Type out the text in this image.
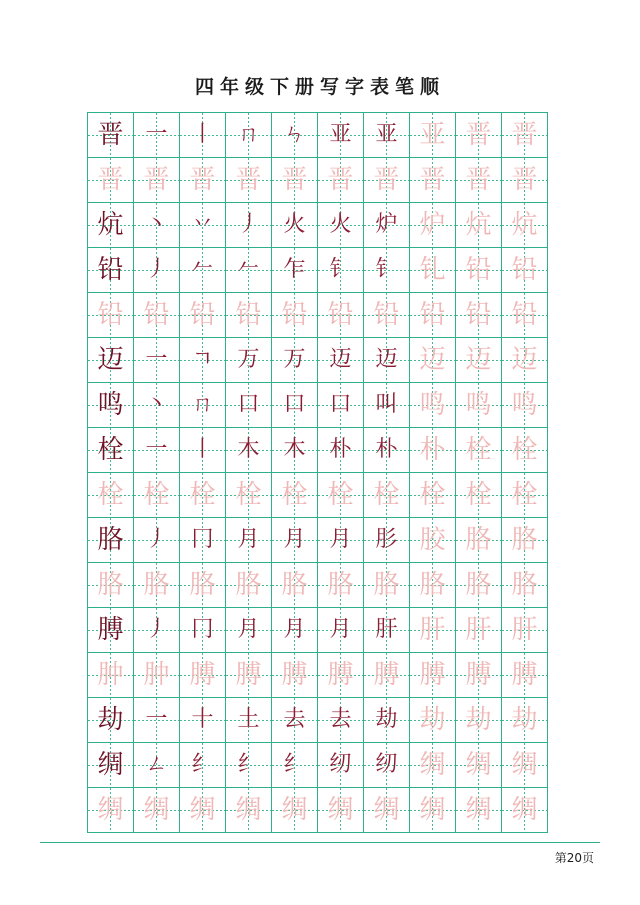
四年级下册写字表笔顺
晋 一	丨	ㄇ	ㄣ	亚	亚 亚 晋 晋
晋 晋 晋 晋 晋 晋 晋 晋 晋 晋
炕 丶	丷	丿	火	火	炉 炉 炕 炕
铅 丿	𠂉	𠂉	乍	钅	钅 钆 铅 铅
铅 铅 铅 铅 铅 铅 铅 铅 铅 铅
迈 一	ㄱ	万	万	迈	迈 迈 迈 迈
鸣 丶	ㄇ	口	口	口	叫 鸣 鸣 鸣
栓 一	丨	木	木	朴	朴 朴 栓 栓
栓 栓 栓 栓 栓 栓 栓 栓 栓 栓
胳 丿	冂	月	月	月	肜 胶 胳 胳
胳 胳 胳 胳 胳 胳 胳 胳 胳 胳
膊 丿	冂	月	月	月	肝 肝 肝 肝
肿 肿 膊 膊 膊 膊 膊 膊 膊 膊
劫 一	十	土	去	去	劫 劫 劫 劫
绸 ㄥ	纟	纟	纟	纫	纫 绸 绸 绸
绸 绸 绸 绸 绸 绸 绸 绸 绸 绸
第20页
